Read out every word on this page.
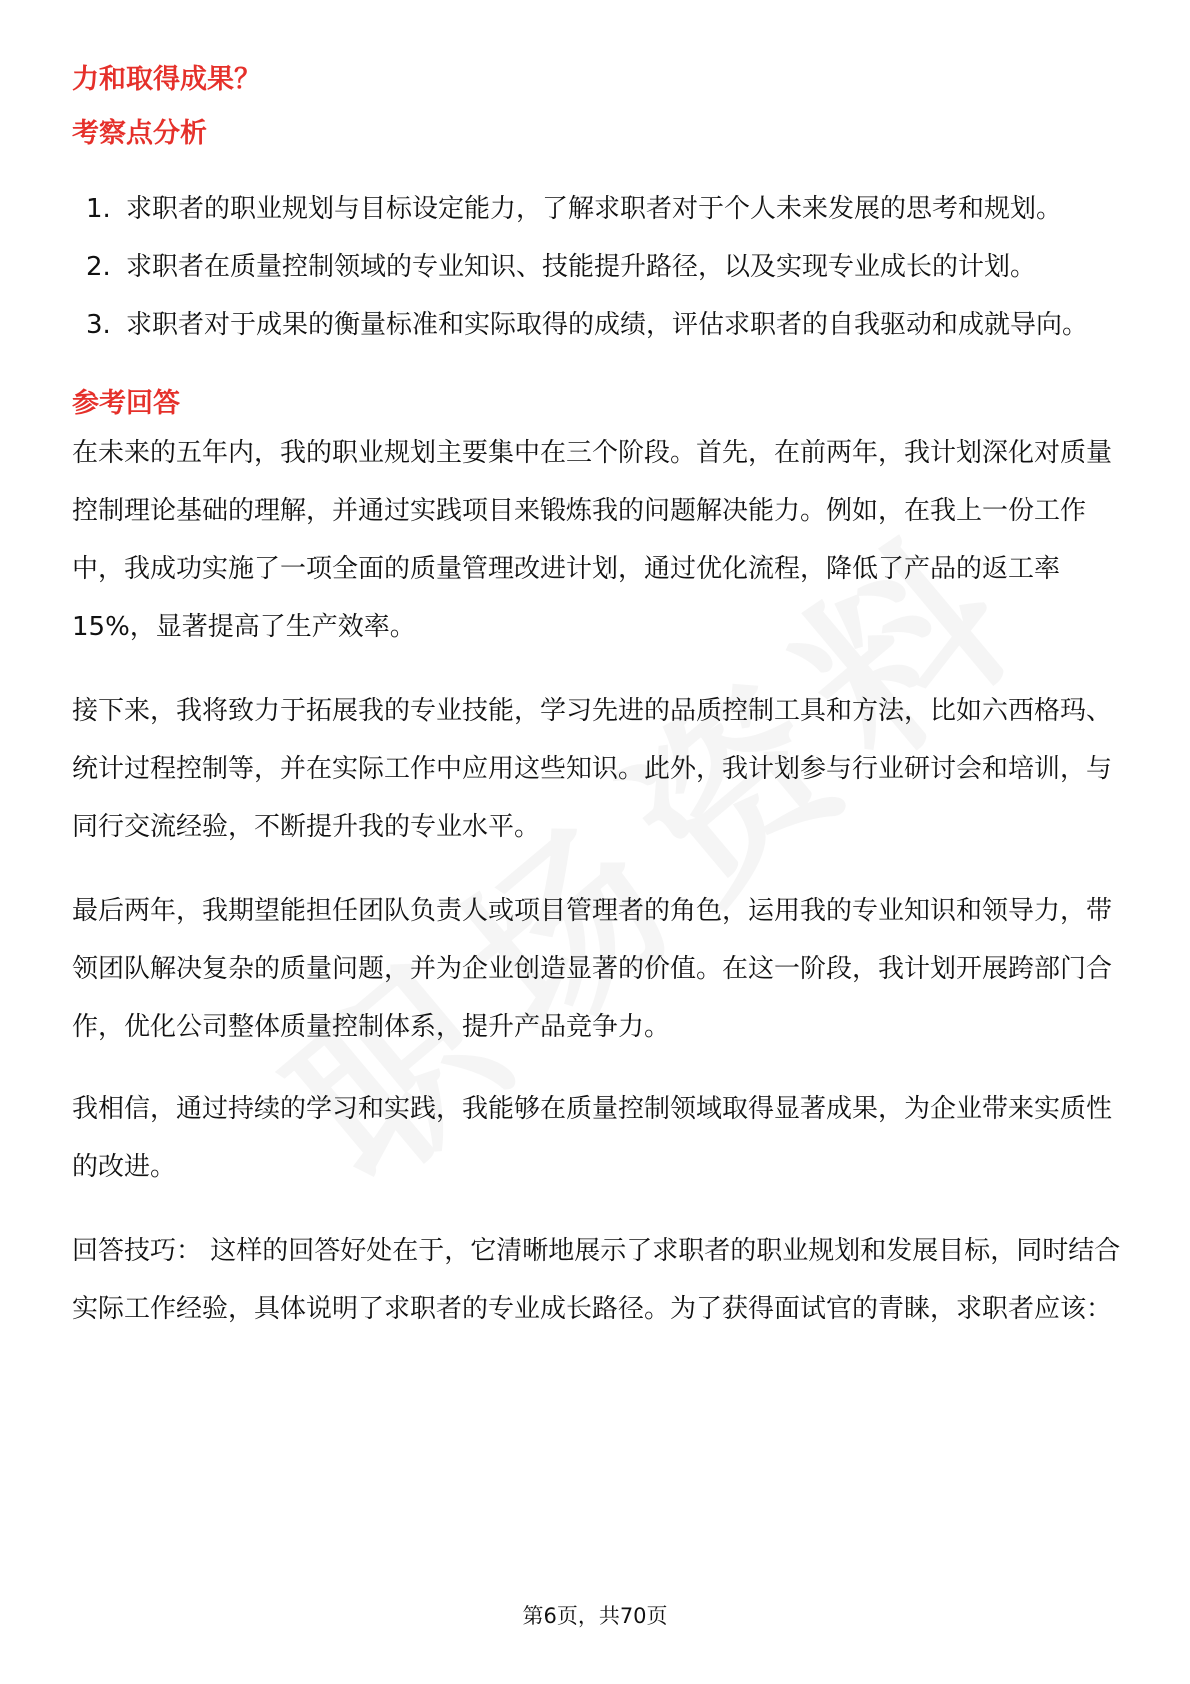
力和取得成果？
考察点分析
1. 求职者的职业规划与目标设定能力，了解求职者对于个人未来发展的思考和规划。
2. 求职者在质量控制领域的专业知识、技能提升路径，以及实现专业成长的计划。
3. 求职者对于成果的衡量标准和实际取得的成绩，评估求职者的自我驱动和成就导向。
参考回答

在未来的五年内，我的职业规划主要集中在三个阶段。首先，在前两年，我计划深化对质量控制理论基础的理解，并通过实践项目来锻炼我的问题解决能力。例如，在我上一份工作中，我成功实施了一项全面的质量管理改进计划，通过优化流程，降低了产品的返工率15%，显著提高了生产效率。

接下来，我将致力于拓展我的专业技能，学习先进的品质控制工具和方法，比如六西格玛、统计过程控制等，并在实际工作中应用这些知识。此外，我计划参与行业研讨会和培训，与同行交流经验，不断提升我的专业水平。

最后两年，我期望能担任团队负责人或项目管理者的角色，运用我的专业知识和领导力，带领团队解决复杂的质量问题，并为企业创造显著的价值。在这一阶段，我计划开展跨部门合作，优化公司整体质量控制体系，提升产品竞争力。

我相信，通过持续的学习和实践，我能够在质量控制领域取得显著成果，为企业带来实质性的改进。

回答技巧： 这样的回答好处在于，它清晰地展示了求职者的职业规划和发展目标，同时结合实际工作经验，具体说明了求职者的专业成长路径。为了获得面试官的青睐，求职者应该：

第6页，共70页
